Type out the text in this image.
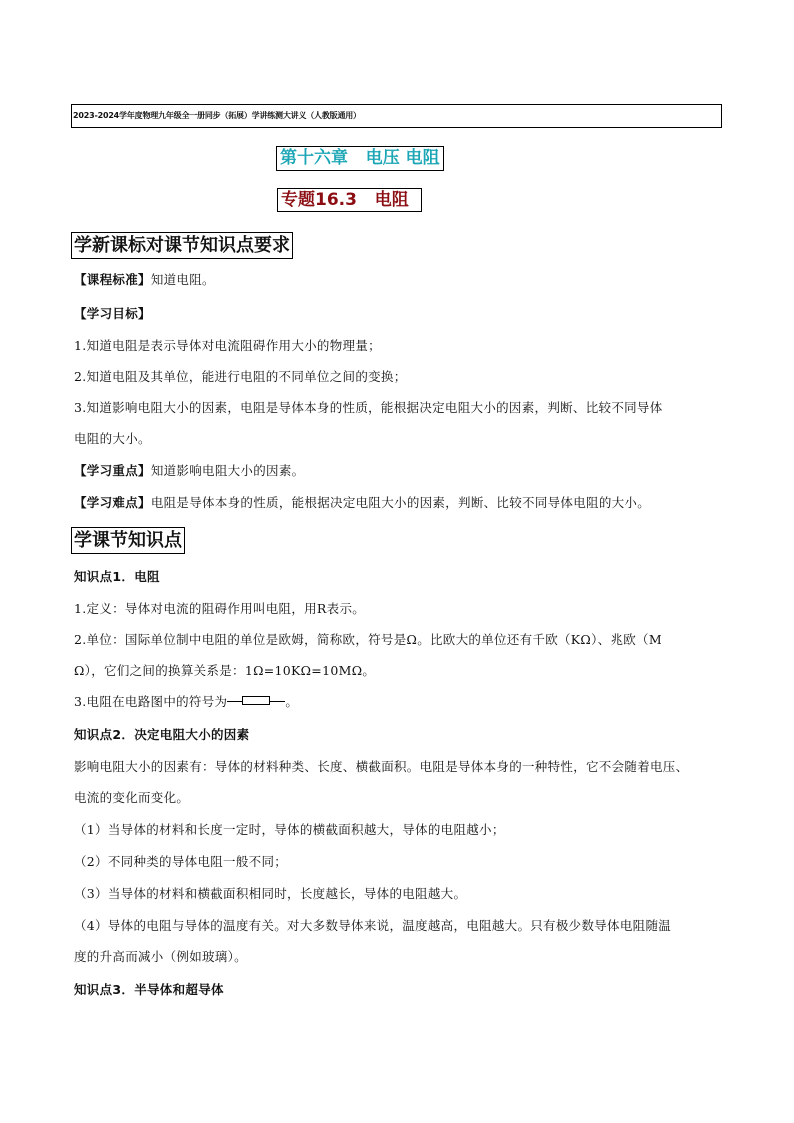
2023-2024学年度物理九年级全一册同步（拓展）学讲练测大讲义（人教版通用）
第十六章   电压 电阻
专题16.3   电阻
学新课标对课节知识点要求
【课程标准】知道电阻。
【学习目标】
1.知道电阻是表示导体对电流阻碍作用大小的物理量；
2.知道电阻及其单位，能进行电阻的不同单位之间的变换；
3.知道影响电阻大小的因素，电阻是导体本身的性质，能根据决定电阻大小的因素，判断、比较不同导体
电阻的大小。
【学习重点】知道影响电阻大小的因素。
【学习难点】电阻是导体本身的性质，能根据决定电阻大小的因素，判断、比较不同导体电阻的大小。
学课节知识点
知识点1．电阻
1.定义：导体对电流的阻碍作用叫电阻，用R表示。
2.单位：国际单位制中电阻的单位是欧姆，简称欧，符号是Ω。比欧大的单位还有千欧（KΩ）、兆欧（M
Ω），它们之间的换算关系是：1Ω=10KΩ=10MΩ。
3.电阻在电路图中的符号为	。
知识点2．决定电阻大小的因素
影响电阻大小的因素有：导体的材料种类、长度、横截面积。电阻是导体本身的一种特性，它不会随着电压、
电流的变化而变化。
（1）当导体的材料和长度一定时，导体的横截面积越大，导体的电阻越小；
（2）不同种类的导体电阻一般不同；
（3）当导体的材料和横截面积相同时，长度越长，导体的电阻越大。
（4）导体的电阻与导体的温度有关。对大多数导体来说，温度越高，电阻越大。只有极少数导体电阻随温
度的升高而减小（例如玻璃）。
知识点3．半导体和超导体
